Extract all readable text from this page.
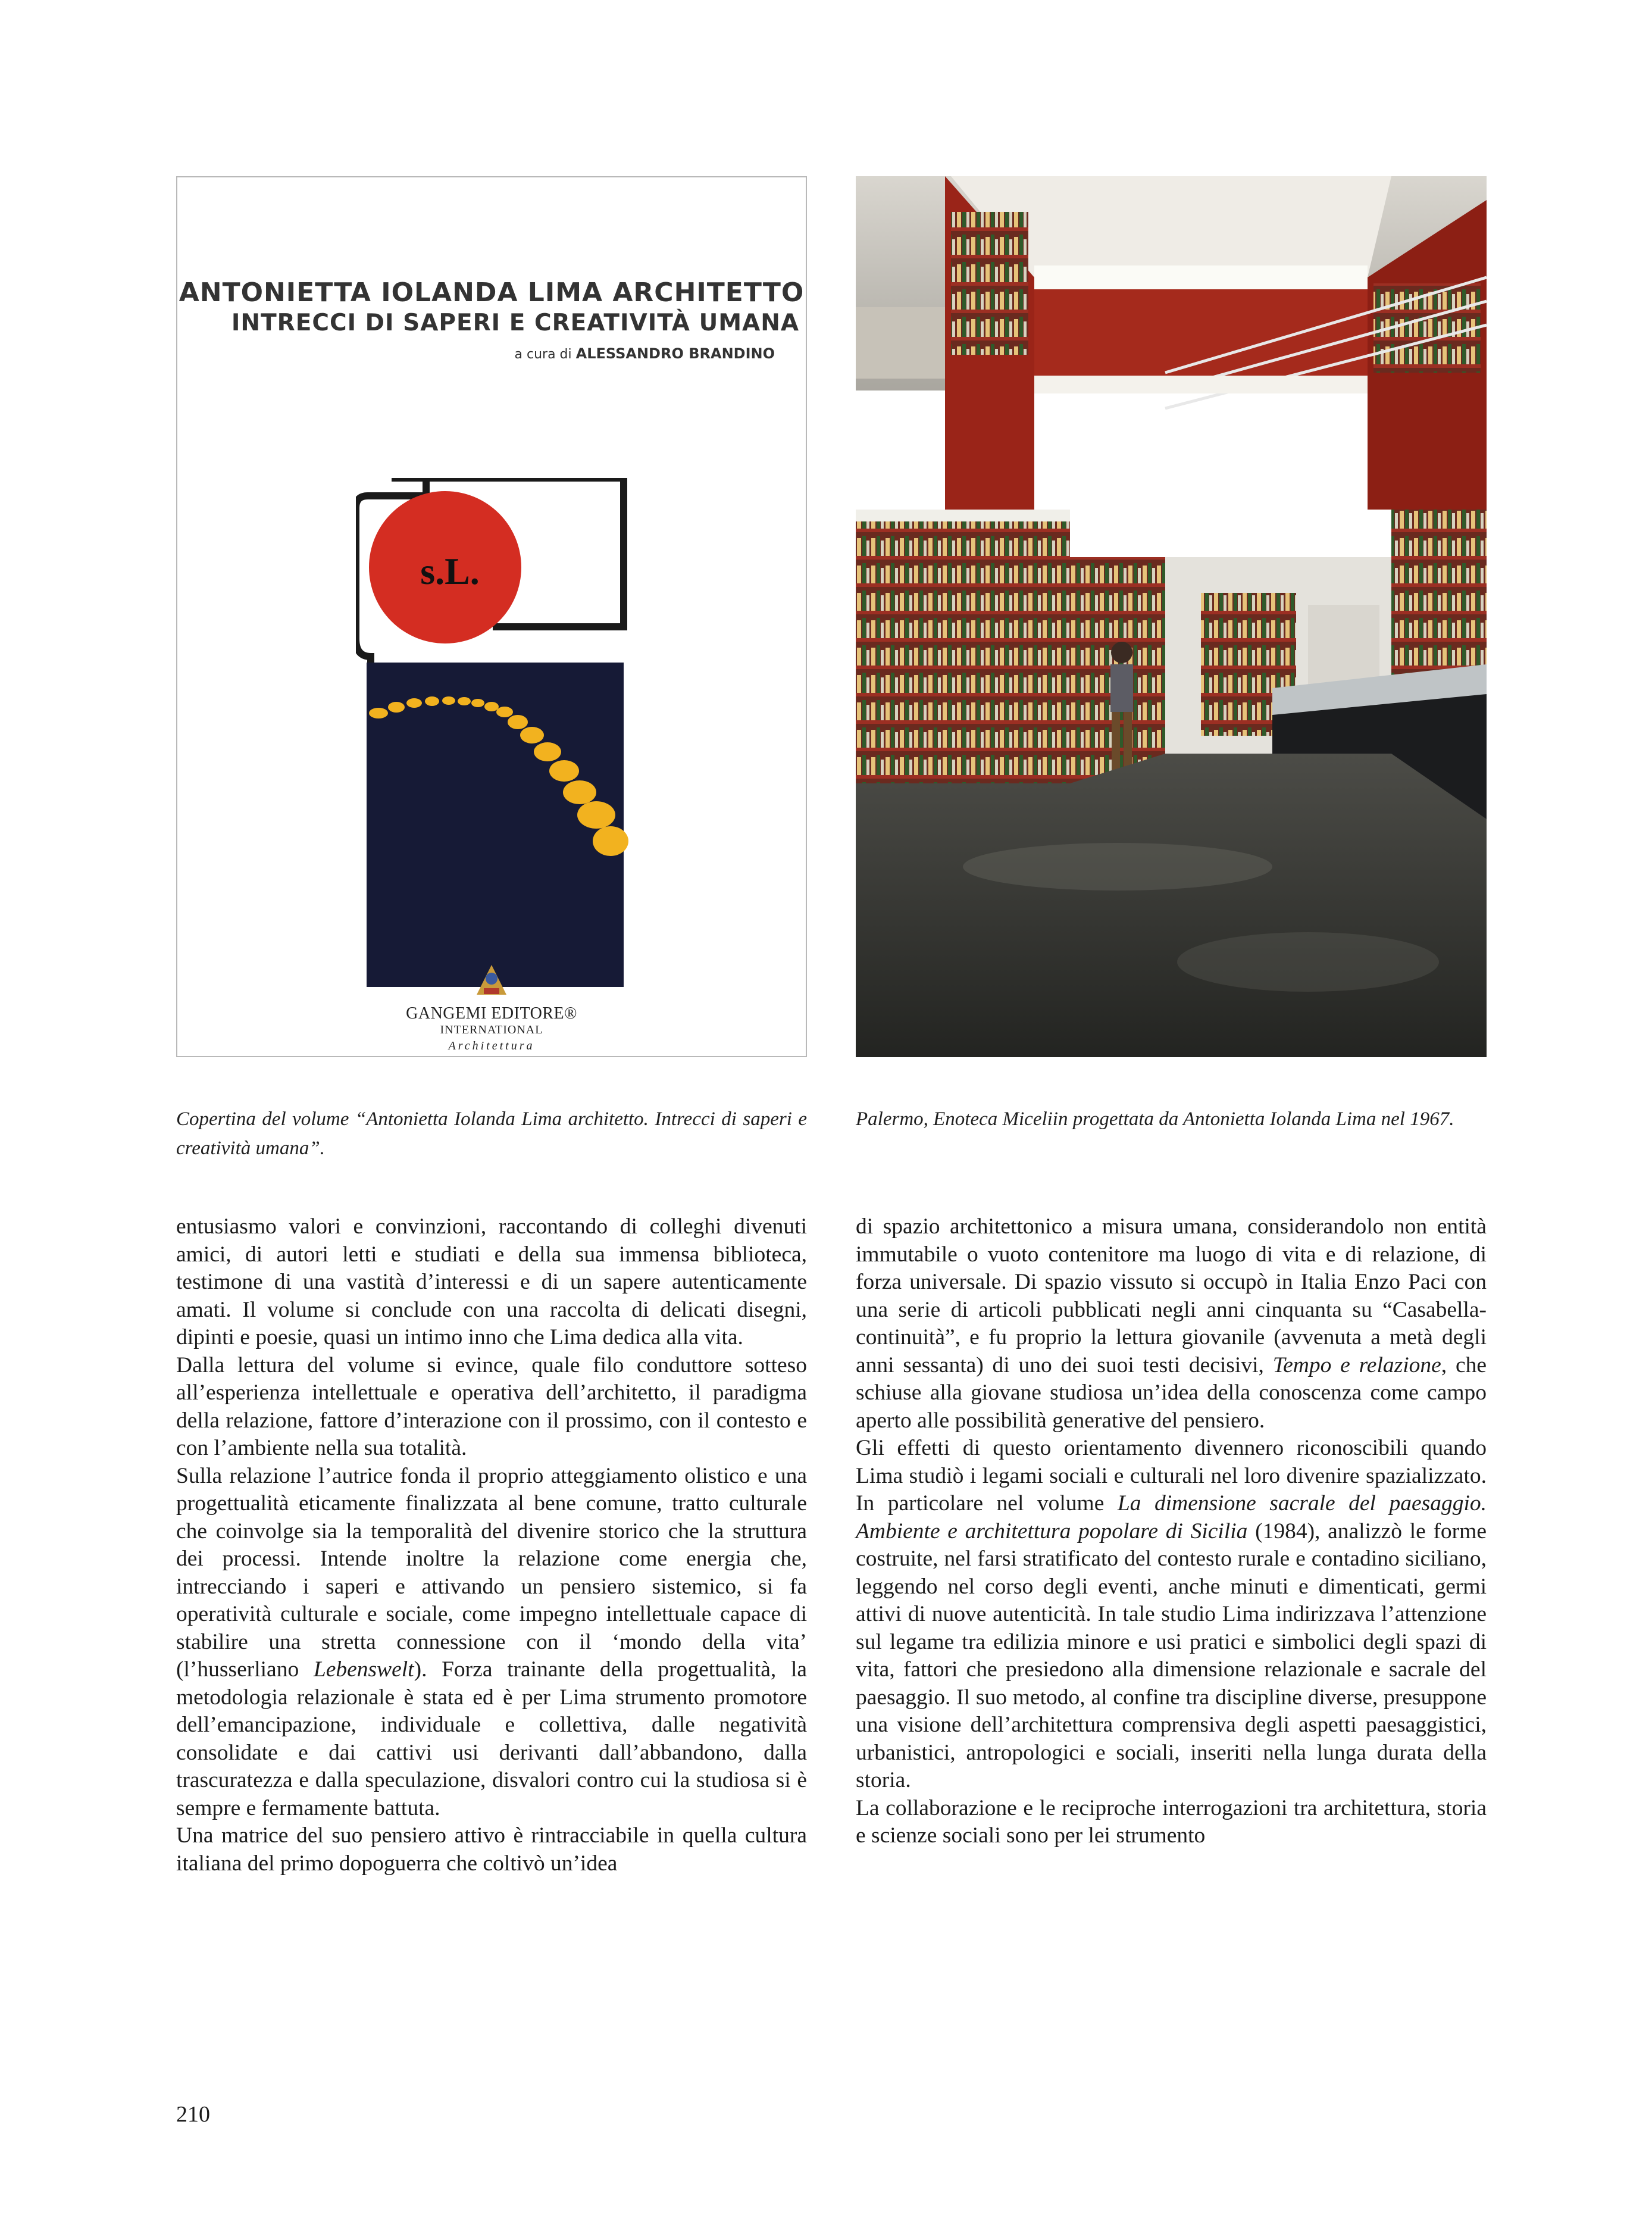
ANTONIETTA IOLANDA LIMA ARCHITETTO
INTRECCI DI SAPERI E CREATIVITÀ UMANA
a cura di ALESSANDRO BRANDINO
s.L.
GANGEMI EDITORE®
INTERNATIONAL
Architettura
Copertina del volume “Antonietta Iolanda Lima architetto. Intrecci di saperi e creatività umana”.
Palermo, Enoteca Miceliin progettata da Antonietta Iolanda Lima nel 1967.

entusiasmo valori e convinzioni, raccontando di colleghi divenuti amici, di autori letti e studiati e della sua immensa biblioteca, testimone di una vastità d’interessi e di un sapere autenticamente amati. Il volume si conclude con una raccolta di delicati disegni, dipinti e poesie, quasi un intimo inno che Lima dedica alla vita.

Dalla lettura del volume si evince, quale filo conduttore sotteso all’esperienza intellettuale e operativa dell’architetto, il paradigma della relazione, fattore d’interazione con il prossimo, con il contesto e con l’ambiente nella sua totalità.

Sulla relazione l’autrice fonda il proprio atteggiamento olistico e una progettualità eticamente finalizzata al bene comune, tratto culturale che coinvolge sia la temporalità del divenire storico che la struttura dei processi. Intende inoltre la relazione come energia che, intrecciando i saperi e attivando un pensiero sistemico, si fa operatività culturale e sociale, come impegno intellettuale capace di stabilire una stretta connessione con il ‘mondo della vita’ (l’husserliano Lebenswelt). Forza trainante della progettualità, la metodologia relazionale è stata ed è per Lima strumento promotore dell’emancipazione, individuale e collettiva, dalle negatività consolidate e dai cattivi usi derivanti dall’abbandono, dalla trascuratezza e dalla speculazione, disvalori contro cui la studiosa si è sempre e fermamente battuta.

Una matrice del suo pensiero attivo è rintracciabile in quella cultura italiana del primo dopoguerra che coltivò un’idea

di spazio architettonico a misura umana, considerandolo non entità immutabile o vuoto contenitore ma luogo di vita e di relazione, di forza universale. Di spazio vissuto si occupò in Italia Enzo Paci con una serie di articoli pubblicati negli anni cinquanta su “Casabella-continuità”, e fu proprio la lettura giovanile (avvenuta a metà degli anni sessanta) di uno dei suoi testi decisivi, Tempo e relazione, che schiuse alla giovane studiosa un’idea della conoscenza come campo aperto alle possibilità generative del pensiero.

Gli effetti di questo orientamento divennero riconoscibili quando Lima studiò i legami sociali e culturali nel loro divenire spazializzato. In particolare nel volume La dimensione sacrale del paesaggio. Ambiente e architettura popolare di Sicilia (1984), analizzò le forme costruite, nel farsi stratificato del contesto rurale e contadino siciliano, leggendo nel corso degli eventi, anche minuti e dimenticati, germi attivi di nuove autenticità. In tale studio Lima indirizzava l’attenzione sul legame tra edilizia minore e usi pratici e simbolici degli spazi di vita, fattori che presiedono alla dimensione relazionale e sacrale del paesaggio. Il suo metodo, al confine tra discipline diverse, presuppone una visione dell’architettura comprensiva degli aspetti paesaggistici, urbanistici, antropologici e sociali, inseriti nella lunga durata della storia.

La collaborazione e le reciproche interrogazioni tra architettura, storia e scienze sociali sono per lei strumento

210
